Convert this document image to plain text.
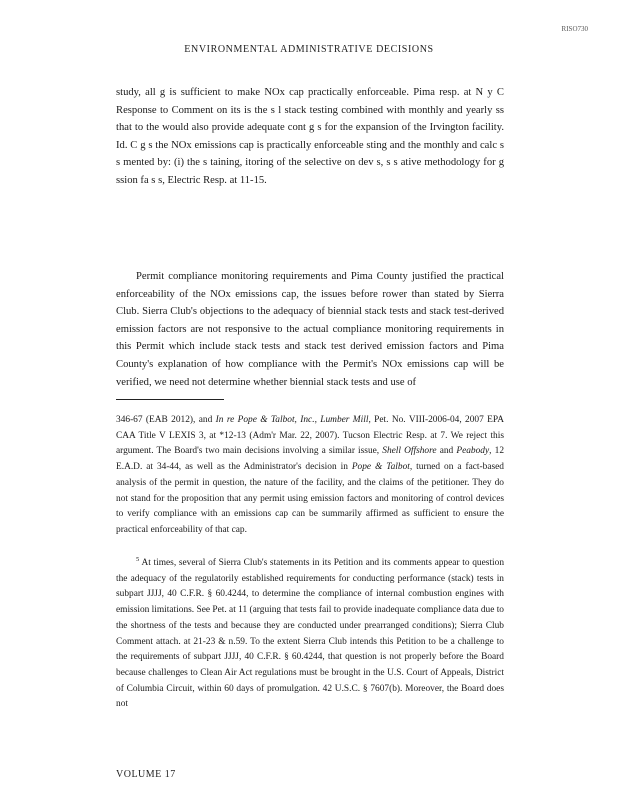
RISO730
ENVIRONMENTAL ADMINISTRATIVE DECISIONS

study, all g is sufficient to make NOx cap practically enforceable. Pima resp. at N y C Response to Comment on its is the s l stack testing combined with monthly and yearly ss that to the would also provide adequate cont g s for the expansion of the Irvington facility. Id. C g s the NOx emissions cap is practically enforceable sting and the monthly and calc s s mented by: (i) the s taining, itoring of the selective on dev s, s s ative methodology for g ssion fa s s, Electric Resp. at 11-15.

Permit compliance monitoring requirements and Pima County justified the practical enforceability of the NOx emissions cap, the issues before rower than stated by Sierra Club. Sierra Club's objections to the adequacy of biennial stack tests and stack test-derived emission factors are not responsive to the actual compliance monitoring requirements in this Permit which include stack tests and stack test derived emission factors and Pima County's explanation of how compliance with the Permit's NOx emissions cap will be verified, we need not determine whether biennial stack tests and use of

346-67 (EAB 2012), and In re Pope & Talbot, Inc., Lumber Mill, Pet. No. VIII-2006-04, 2007 EPA CAA Title V LEXIS 3, at *12-13 (Adm'r Mar. 22, 2007). Tucson Electric Resp. at 7. We reject this argument. The Board's two main decisions involving a similar issue, Shell Offshore and Peabody, 12 E.A.D. at 34-44, as well as the Administrator's decision in Pope & Talbot, turned on a fact-based analysis of the permit in question, the nature of the facility, and the claims of the petitioner. They do not stand for the proposition that any permit using emission factors and monitoring of control devices to verify compliance with an emissions cap can be summarily affirmed as sufficient to ensure the practical enforceability of that cap.

$^5$ At times, several of Sierra Club's statements in its Petition and its comments appear to question the adequacy of the regulatorily established requirements for conducting performance (stack) tests in subpart JJJJ, 40 C.F.R. § 60.4244, to determine the compliance of internal combustion engines with emission limitations. See Pet. at 11 (arguing that tests fail to provide inadequate compliance data due to the shortness of the tests and because they are conducted under prearranged conditions); Sierra Club Comment attach. at 21-23 & n.59. To the extent Sierra Club intends this Petition to be a challenge to the requirements of subpart JJJJ, 40 C.F.R. § 60.4244, that question is not properly before the Board because challenges to Clean Air Act regulations must be brought in the U.S. Court of Appeals, District of Columbia Circuit, within 60 days of promulgation. 42 U.S.C. § 7607(b). Moreover, the Board does not

VOLUME 17
